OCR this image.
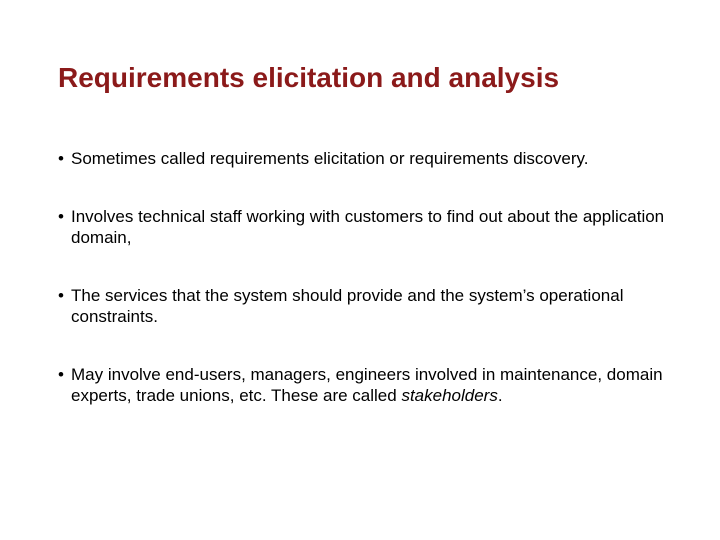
Requirements elicitation and analysis
• Sometimes called requirements elicitation or requirements discovery.
• Involves technical staff working with customers to find out about the application domain,
• The services that the system should provide and the system’s operational constraints.
• May involve end-users, managers, engineers involved in maintenance, domain experts, trade unions, etc. These are called stakeholders.
